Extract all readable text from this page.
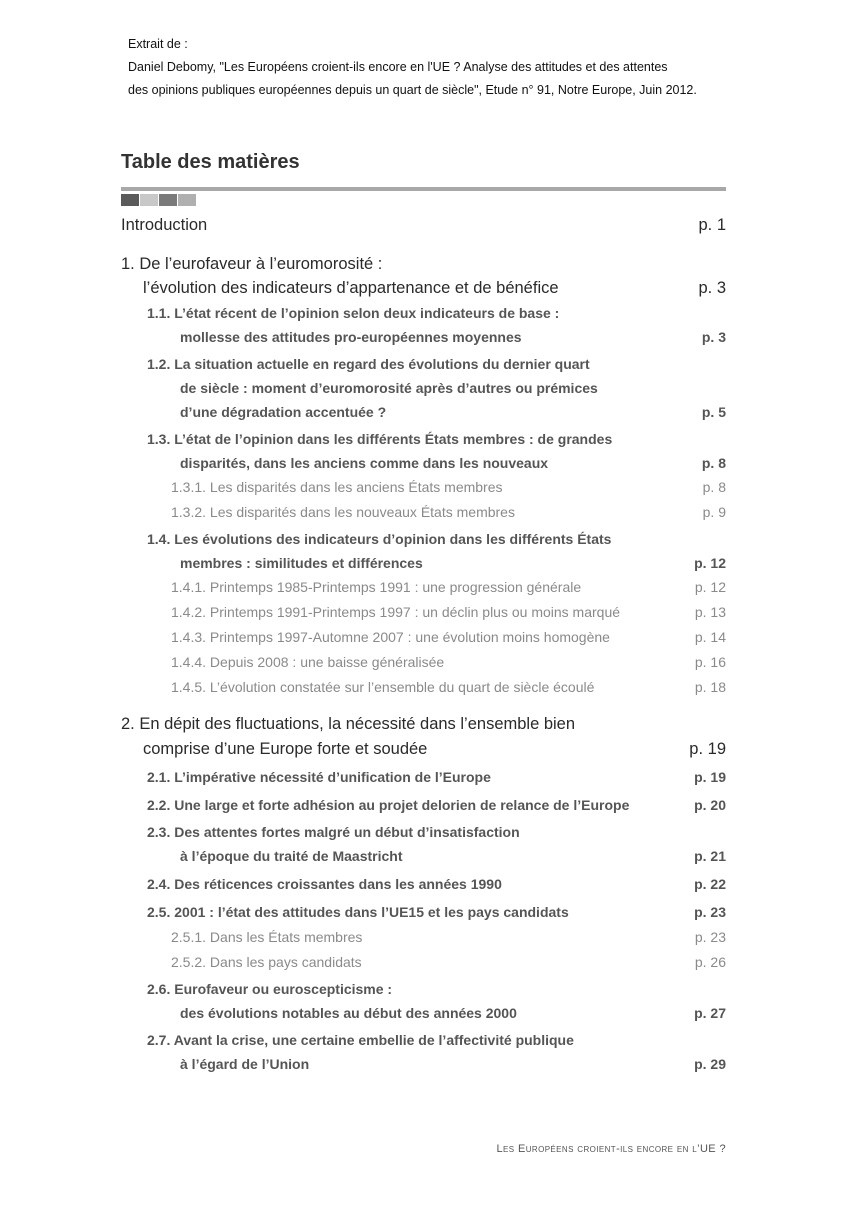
Extrait de :
Daniel Debomy, "Les Européens croient-ils encore en l'UE ? Analyse des attitudes et des attentes
des opinions publiques européennes depuis un quart de siècle", Etude n° 91, Notre Europe, Juin 2012.
Table des matières
Introduction	p. 1
1. De l’eurofaveur à l’euromorosité :
l’évolution des indicateurs d’appartenance et de bénéfice	p. 3
1.1. L’état récent de l’opinion selon deux indicateurs de base :
mollesse des attitudes pro-européennes moyennes	p. 3
1.2. La situation actuelle en regard des évolutions du dernier quart
de siècle : moment d’euromorosité après d’autres ou prémices
d’une dégradation accentuée ?	p. 5
1.3. L’état de l’opinion dans les différents États membres : de grandes
disparités, dans les anciens comme dans les nouveaux	p. 8
1.3.1. Les disparités dans les anciens États membres	p. 8
1.3.2. Les disparités dans les nouveaux États membres	p. 9
1.4. Les évolutions des indicateurs d’opinion dans les différents États
membres : similitudes et différences	p. 12
1.4.1. Printemps 1985-Printemps 1991 : une progression générale	p. 12
1.4.2. Printemps 1991-Printemps 1997 : un déclin plus ou moins marqué	p. 13
1.4.3. Printemps 1997-Automne 2007 : une évolution moins homogène	p. 14
1.4.4. Depuis 2008 : une baisse généralisée	p. 16
1.4.5. L’évolution constatée sur l’ensemble du quart de siècle écoulé	p. 18
2. En dépit des fluctuations, la nécessité dans l’ensemble bien
comprise d’une Europe forte et soudée	p. 19
2.1. L’impérative nécessité d’unification de l’Europe	p. 19
2.2. Une large et forte adhésion au projet delorien de relance de l’Europe	p. 20
2.3. Des attentes fortes malgré un début d’insatisfaction
à l’époque du traité de Maastricht	p. 21
2.4. Des réticences croissantes dans les années 1990	p. 22
2.5. 2001 : l’état des attitudes dans l’UE15 et les pays candidats	p. 23
2.5.1. Dans les États membres	p. 23
2.5.2. Dans les pays candidats	p. 26
2.6. Eurofaveur ou euroscepticisme :
des évolutions notables au début des années 2000	p. 27
2.7. Avant la crise, une certaine embellie de l’affectivité publique
à l’égard de l’Union	p. 29
Les Européens croient-ils encore en l’UE ?
